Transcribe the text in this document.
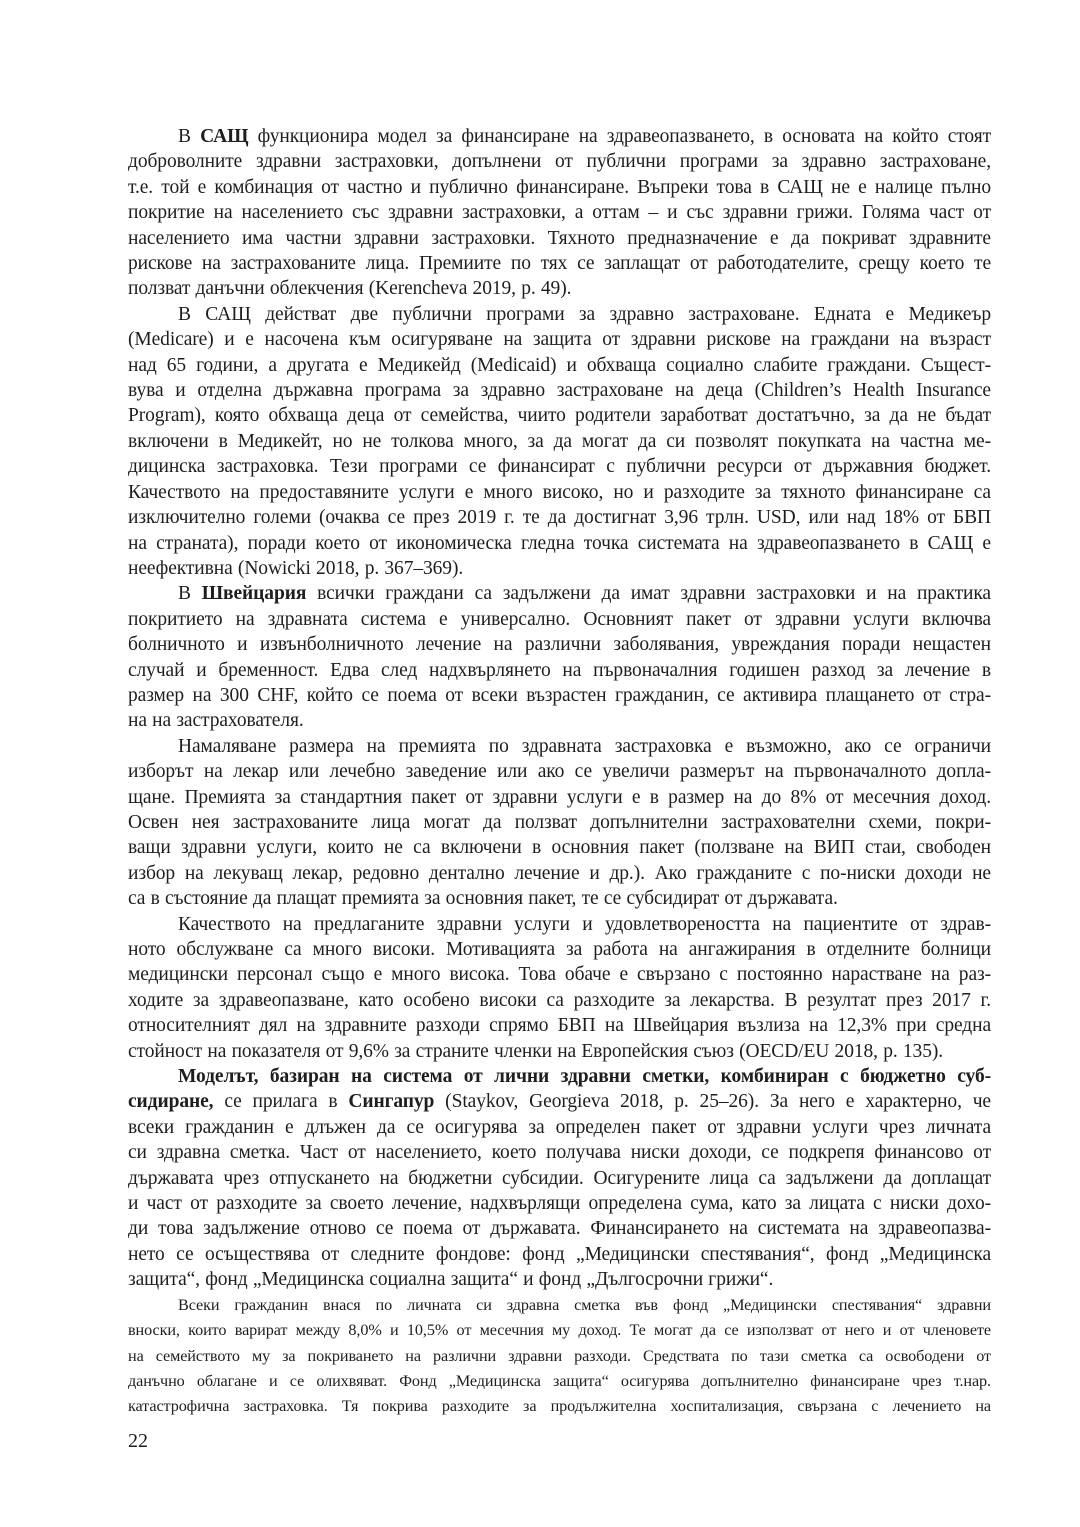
В САЩ функционира модел за финансиране на здравеопазването, в основата на който стоят
доброволните здравни застраховки, допълнени от публични програми за здравно застраховане,
т.е. той е комбинация от частно и публично финансиране. Въпреки това в САЩ не е налице пълно
покритие на населението със здравни застраховки, а оттам – и със здравни грижи. Голяма част от
населението има частни здравни застраховки. Тяхното предназначение е да покриват здравните
рискове на застрахованите лица. Премиите по тях се заплащат от работодателите, срещу което те
ползват данъчни облекчения (Kerencheva 2019, p. 49).
В САЩ действат две публични програми за здравно застраховане. Едната е Медикеър
(Medicare) и е насочена към осигуряване на защита от здравни рискове на граждани на възраст
над 65 години, а другата е Медикейд (Medicaid) и обхваща социално слабите граждани. Същест-
вува и отделна държавна програма за здравно застраховане на деца (Children’s Health Insurance
Program), която обхваща деца от семейства, чиито родители заработват достатъчно, за да не бъдат
включени в Медикейт, но не толкова много, за да могат да си позволят покупката на частна ме-
дицинска застраховка. Тези програми се финансират с публични ресурси от държавния бюджет.
Качеството на предоставяните услуги е много високо, но и разходите за тяхното финансиране са
изключително големи (очаква се през 2019 г. те да достигнат 3,96 трлн. USD, или над 18% от БВП
на страната), поради което от икономическа гледна точка системата на здравеопазването в САЩ е
неефективна (Nowicki 2018, p. 367–369).
В Швейцария всички граждани са задължени да имат здравни застраховки и на практика
покритието на здравната система е универсално. Основният пакет от здравни услуги включва
болничното и извънболничното лечение на различни заболявания, увреждания поради нещастен
случай и бременност. Едва след надхвърлянето на първоначалния годишен разход за лечение в
размер на 300 CHF, който се поема от всеки възрастен гражданин, се активира плащането от стра-
на на застрахователя.
Намаляване размера на премията по здравната застраховка е възможно, ако се ограничи
изборът на лекар или лечебно заведение или ако се увеличи размерът на първоначалното допла-
щане. Премията за стандартния пакет от здравни услуги е в размер на до 8% от месечния доход.
Освен нея застрахованите лица могат да ползват допълнителни застрахователни схеми, покри-
ващи здравни услуги, които не са включени в основния пакет (ползване на ВИП стаи, свободен
избор на лекуващ лекар, редовно дентално лечение и др.). Ако гражданите с по-ниски доходи не
са в състояние да плащат премията за основния пакет, те се субсидират от държавата.
Качеството на предлаганите здравни услуги и удовлетвореността на пациентите от здрав-
ното обслужване са много високи. Мотивацията за работа на ангажирания в отделните болници
медицински персонал също е много висока. Това обаче е свързано с постоянно нарастване на раз-
ходите за здравеопазване, като особено високи са разходите за лекарства. В резултат през 2017 г.
относителният дял на здравните разходи спрямо БВП на Швейцария възлиза на 12,3% при средна
стойност на показателя от 9,6% за страните членки на Европейския съюз (OECD/EU 2018, p. 135).
Моделът, базиран на система от лични здравни сметки, комбиниран с бюджетно суб-
сидиране, се прилага в Сингапур (Staykov, Georgieva 2018, p. 25–26). За него е характерно, че
всеки гражданин е длъжен да се осигурява за определен пакет от здравни услуги чрез личната
си здравна сметка. Част от населението, което получава ниски доходи, се подкрепя финансово от
държавата чрез отпускането на бюджетни субсидии. Осигурените лица са задължени да доплащат
и част от разходите за своето лечение, надхвърлящи определена сума, като за лицата с ниски дохо-
ди това задължение отново се поема от държавата. Финансирането на системата на здравеопазва-
нето се осъществява от следните фондове: фонд „Медицински спестявания“, фонд „Медицинска
защита“, фонд „Медицинска социална защита“ и фонд „Дългосрочни грижи“.
Всеки гражданин внася по личната си здравна сметка във фонд „Медицински спестявания“ здравни
вноски, които варират между 8,0% и 10,5% от месечния му доход. Те могат да се използват от него и от членовете
на семейството му за покриването на различни здравни разходи. Средствата по тази сметка са освободени от
данъчно облагане и се олихвяват. Фонд „Медицинска защита“ осигурява допълнително финансиране чрез т.нар.
катастрофична застраховка. Тя покрива разходите за продължителна хоспитализация, свързана с лечението на
22
